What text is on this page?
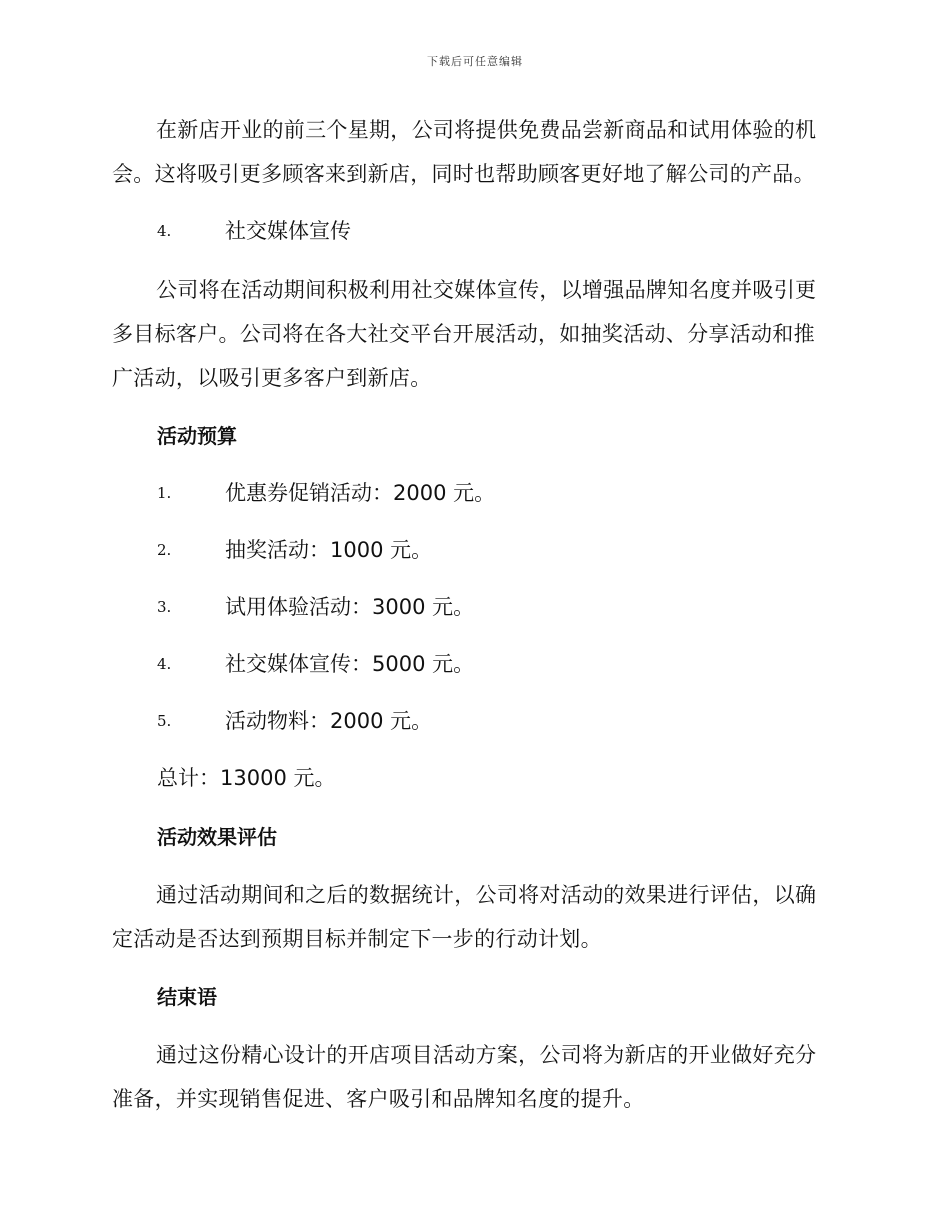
下载后可任意编辑

在新店开业的前三个星期，公司将提供免费品尝新商品和试用体验的机会。这将吸引更多顾客来到新店，同时也帮助顾客更好地了解公司的产品。

4.	社交媒体宣传

公司将在活动期间积极利用社交媒体宣传，以增强品牌知名度并吸引更多目标客户。公司将在各大社交平台开展活动，如抽奖活动、分享活动和推广活动，以吸引更多客户到新店。

活动预算
1.	优惠券促销活动：2000 元。
2.	抽奖活动：1000 元。
3.	试用体验活动：3000 元。
4.	社交媒体宣传：5000 元。
5.	活动物料：2000 元。

总计：13000 元。

活动效果评估

通过活动期间和之后的数据统计，公司将对活动的效果进行评估，以确定活动是否达到预期目标并制定下一步的行动计划。

结束语

通过这份精心设计的开店项目活动方案，公司将为新店的开业做好充分准备，并实现销售促进、客户吸引和品牌知名度的提升。
